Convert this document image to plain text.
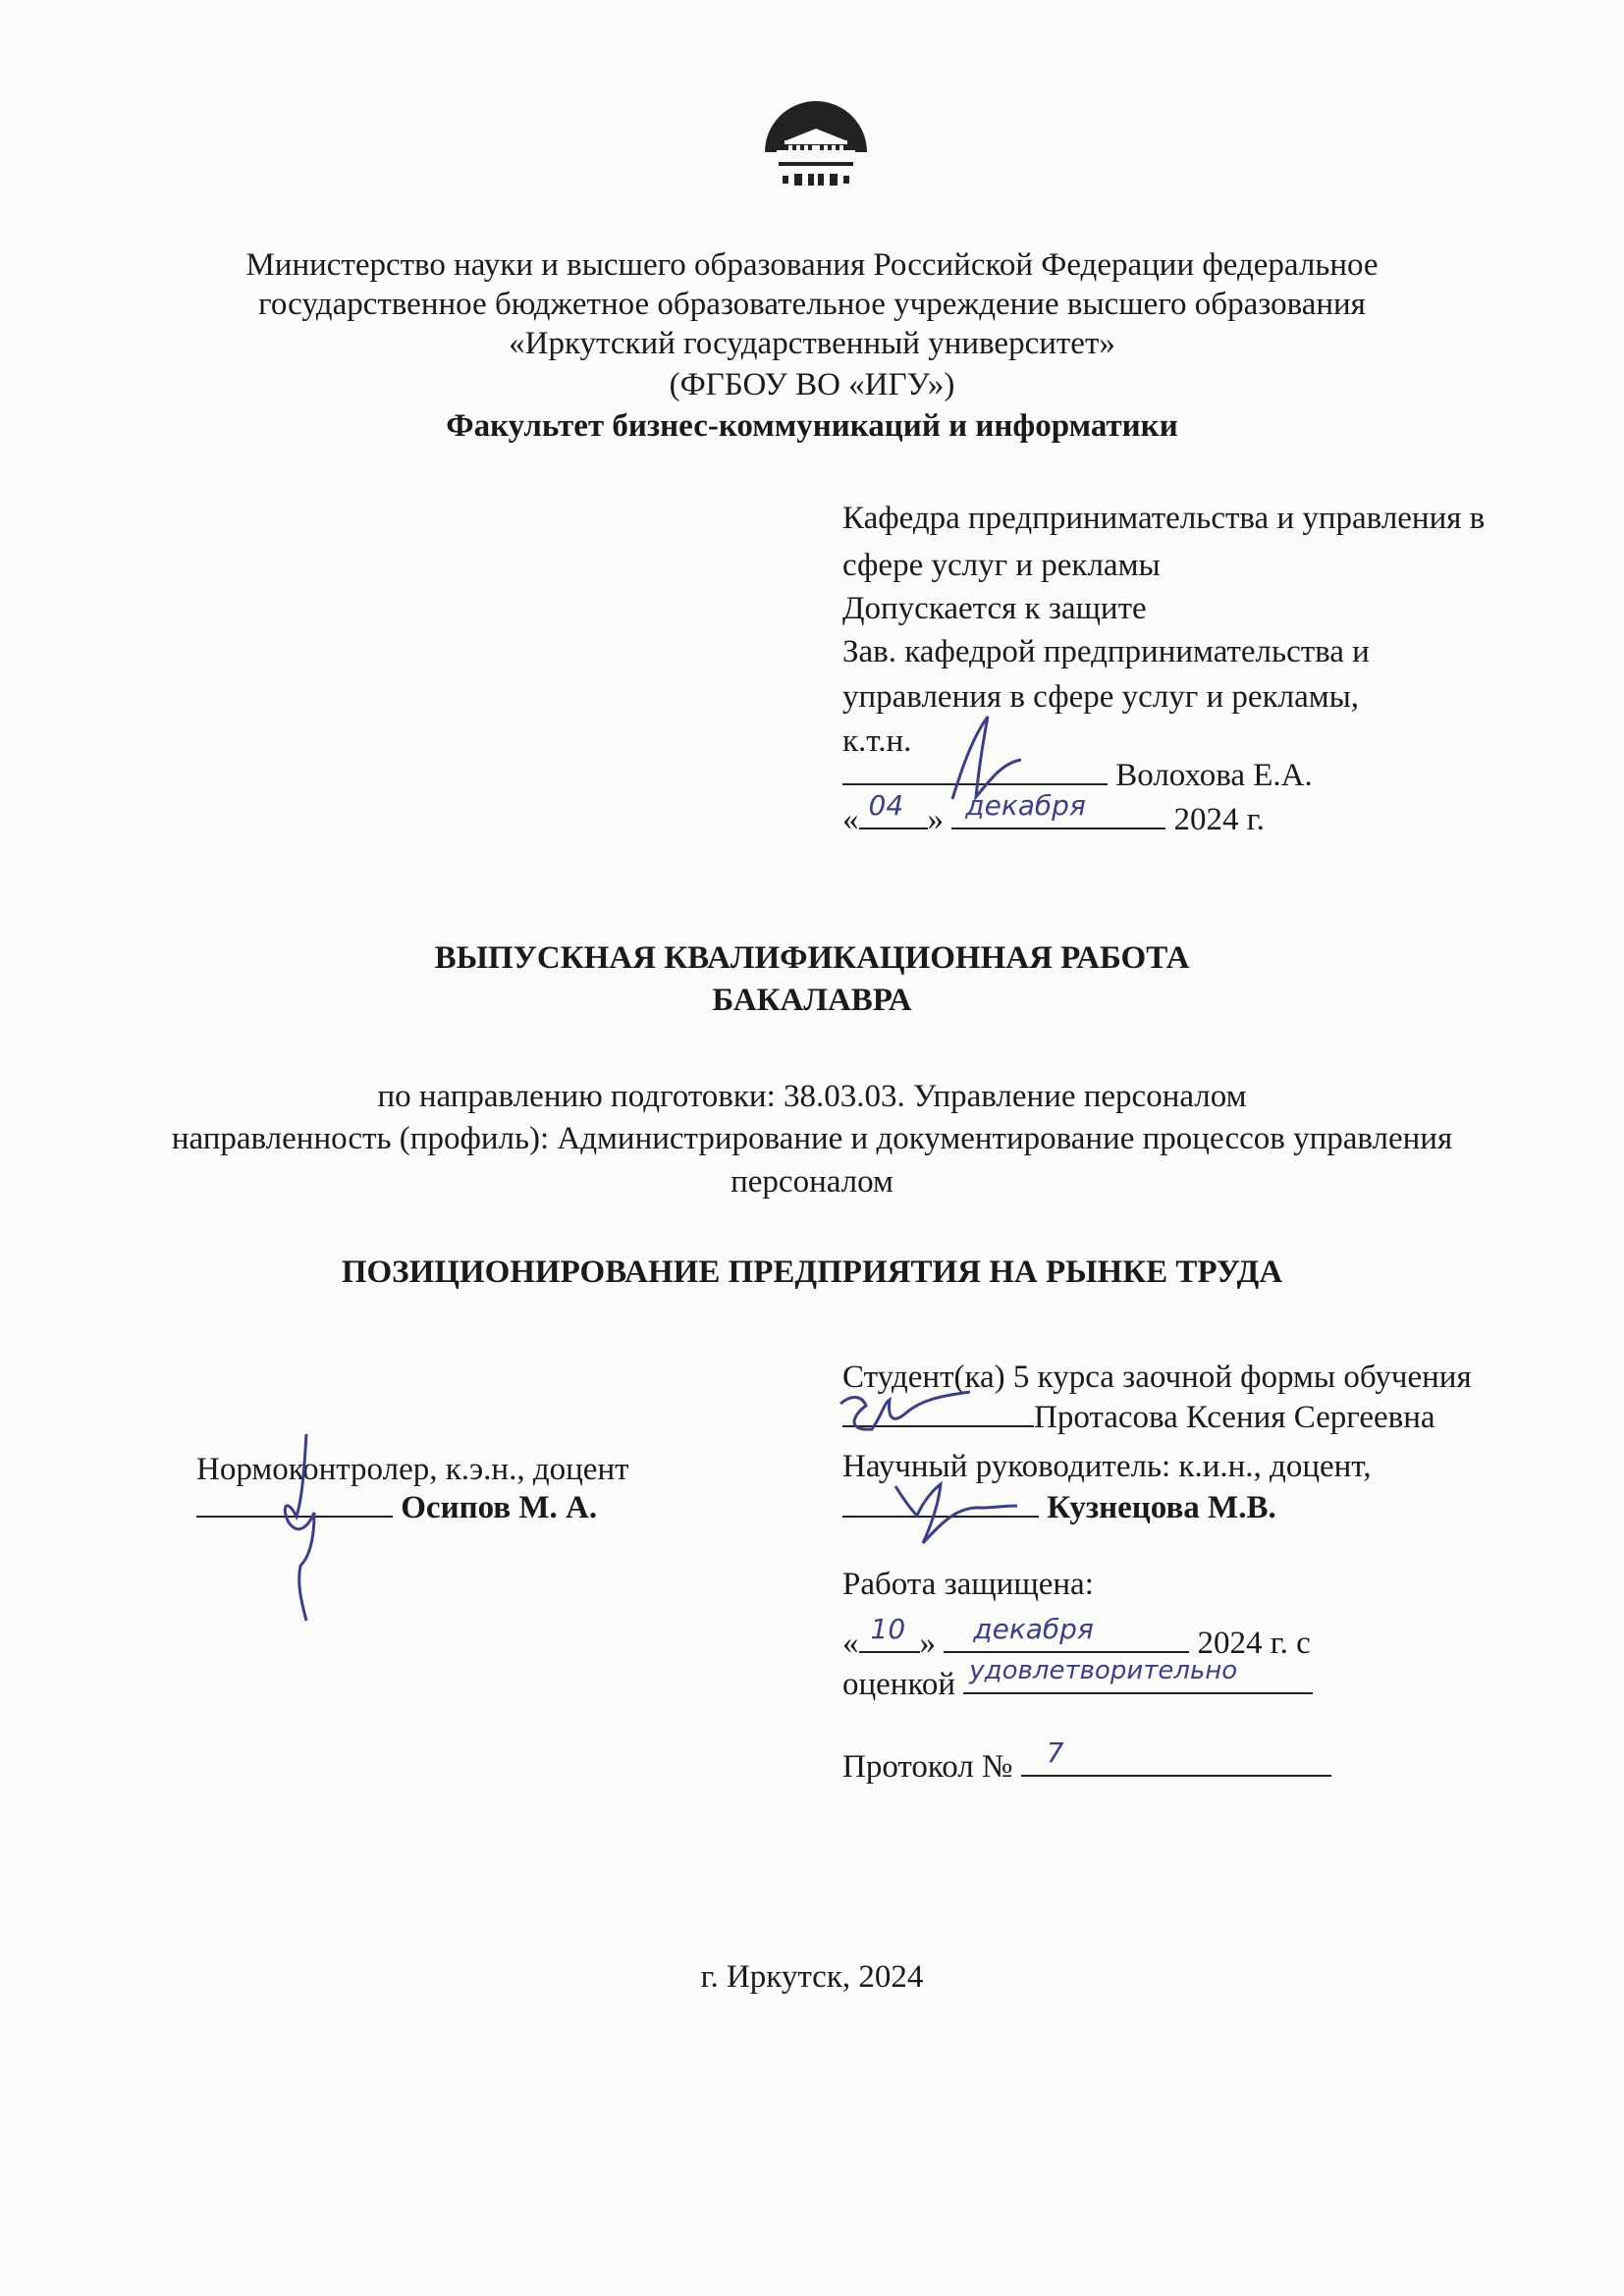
Министерство науки и высшего образования Российской Федерации федеральное
государственное бюджетное образовательное учреждение высшего образования
«Иркутский государственный университет»
(ФГБОУ ВО «ИГУ»)
Факультет бизнес-коммуникаций и информатики
Кафедра предпринимательства и управления в
сфере услуг и рекламы
Допускается к защите
Зав. кафедрой предпринимательства и
управления в сфере услуг и рекламы,
к.т.н.
Волохова Е.А.
« 04 » декабря	2024 г.
ВЫПУСКНАЯ КВАЛИФИКАЦИОННАЯ РАБОТА
БАКАЛАВРА
по направлению подготовки: 38.03.03. Управление персоналом
направленность (профиль): Администрирование и документирование процессов управления
персоналом
ПОЗИЦИОНИРОВАНИЕ ПРЕДПРИЯТИЯ НА РЫНКЕ ТРУДА
Студент(ка) 5 курса заочной формы обучения
Протасова Ксения Сергеевна
Научный руководитель: к.и.н., доцент,
Кузнецова М.В.
Нормоконтролер, к.э.н., доцент
Осипов М. А.
Работа защищена:
« 10 » декабря	2024 г. с
оценкой удовлетворительно
Протокол № 7
г. Иркутск, 2024
